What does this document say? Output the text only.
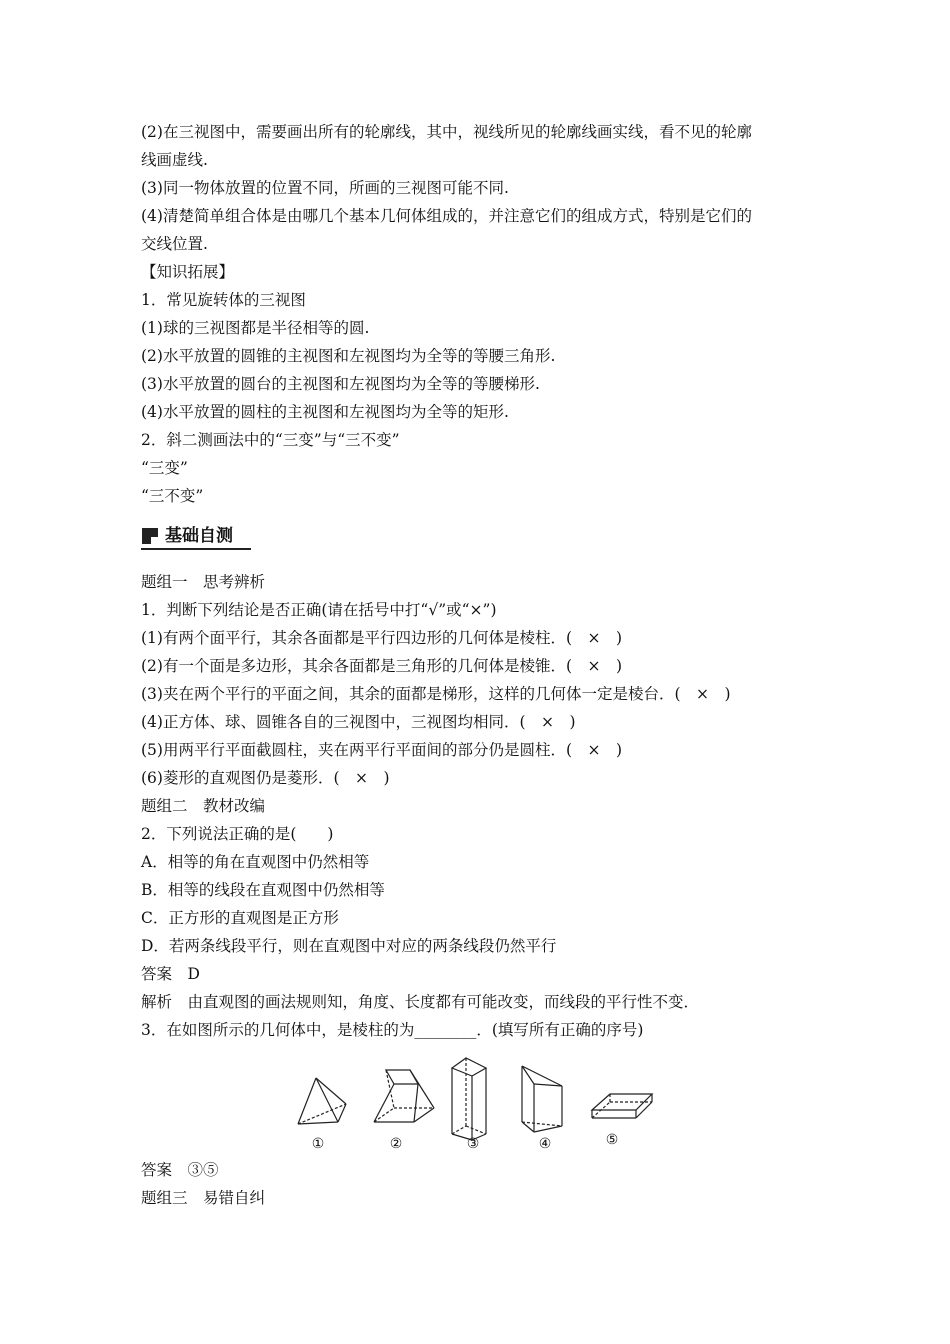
(2)在三视图中，需要画出所有的轮廓线，其中，视线所见的轮廓线画实线，看不见的轮廓
线画虚线.
(3)同一物体放置的位置不同，所画的三视图可能不同.
(4)清楚简单组合体是由哪几个基本几何体组成的，并注意它们的组成方式，特别是它们的
交线位置.
【知识拓展】
1．常见旋转体的三视图
(1)球的三视图都是半径相等的圆.
(2)水平放置的圆锥的主视图和左视图均为全等的等腰三角形.
(3)水平放置的圆台的主视图和左视图均为全等的等腰梯形.
(4)水平放置的圆柱的主视图和左视图均为全等的矩形.
2．斜二测画法中的“三变”与“三不变”
“三变”
“三不变”
基础自测
题组一　思考辨析
1．判断下列结论是否正确(请在括号中打“√”或“×”)
(1)有两个面平行，其余各面都是平行四边形的几何体是棱柱．(　×　)
(2)有一个面是多边形，其余各面都是三角形的几何体是棱锥．(　×　)
(3)夹在两个平行的平面之间，其余的面都是梯形，这样的几何体一定是棱台．(　×　)
(4)正方体、球、圆锥各自的三视图中，三视图均相同．(　×　)
(5)用两平行平面截圆柱，夹在两平行平面间的部分仍是圆柱．(　×　)
(6)菱形的直观图仍是菱形．(　×　)
题组二　教材改编
2．下列说法正确的是(　　)
A．相等的角在直观图中仍然相等
B．相等的线段在直观图中仍然相等
C．正方形的直观图是正方形
D．若两条线段平行，则在直观图中对应的两条线段仍然平行
答案　D
解析　由直观图的画法规则知，角度、长度都有可能改变，而线段的平行性不变．
3．在如图所示的几何体中，是棱柱的为________．(填写所有正确的序号)
①	②	③	④	⑤
答案　③⑤
题组三　易错自纠
